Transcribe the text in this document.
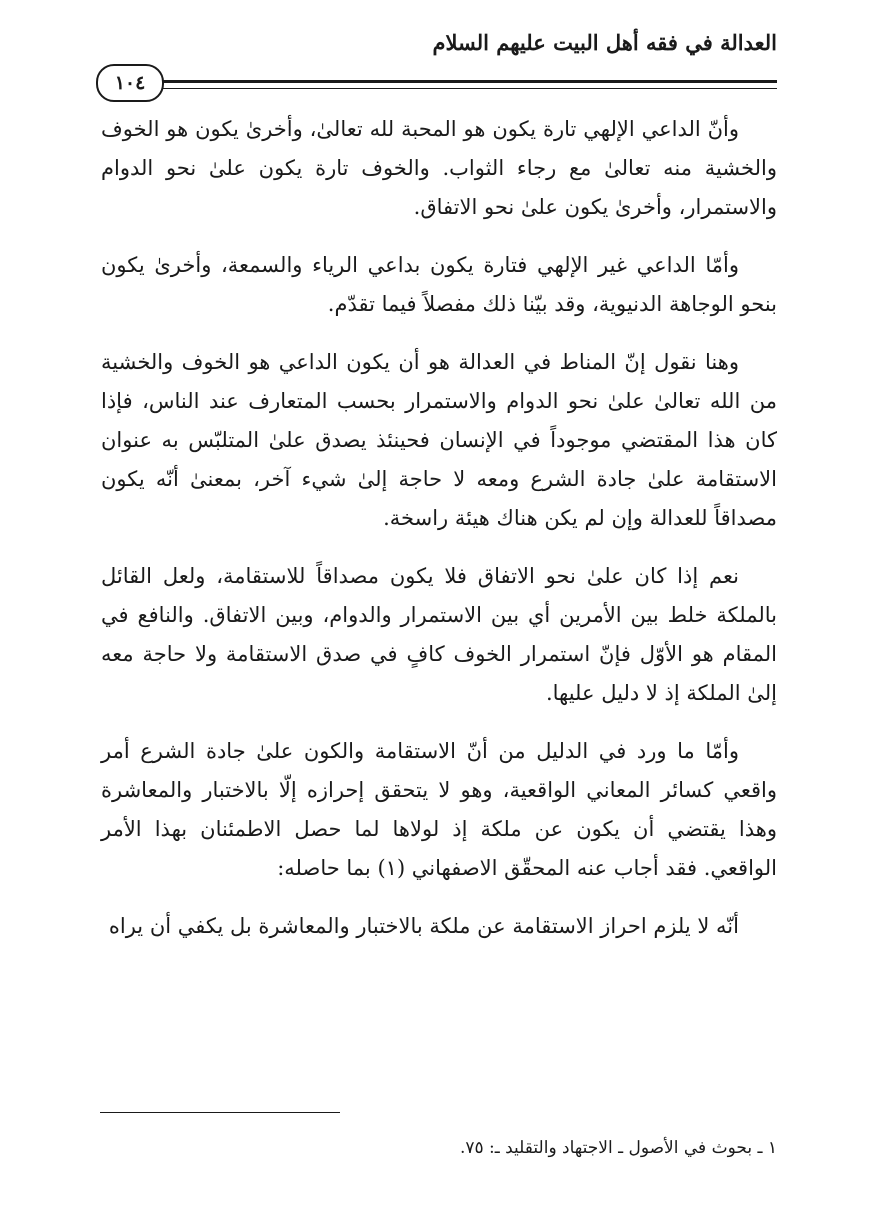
العدالة في فقه أهل البيت عليهم السلام
١٠٤

وأنّ الداعي الإلهي تارة يكون هو المحبة لله تعالىٰ، وأخرىٰ يكون هو الخوف والخشية منه تعالىٰ مع رجاء الثواب. والخوف تارة يكون علىٰ نحو الدوام والاستمرار، وأخرىٰ يكون علىٰ نحو الاتفاق.

وأمّا الداعي غير الإلهي فتارة يكون بداعي الرياء والسمعة، وأخرىٰ يكون بنحو الوجاهة الدنيوية، وقد بيّنا ذلك مفصلاً فيما تقدّم.

وهنا نقول إنّ المناط في العدالة هو أن يكون الداعي هو الخوف والخشية من الله تعالىٰ علىٰ نحو الدوام والاستمرار بحسب المتعارف عند الناس، فإذا كان هذا المقتضي موجوداً في الإنسان فحينئذ يصدق علىٰ المتلبّس به عنوان الاستقامة علىٰ جادة الشرع ومعه لا حاجة إلىٰ شيء آخر، بمعنىٰ أنّه يكون مصداقاً للعدالة وإن لم يكن هناك هيئة راسخة.

نعم إذا كان علىٰ نحو الاتفاق فلا يكون مصداقاً للاستقامة، ولعل القائل بالملكة خلط بين الأمرين أي بين الاستمرار والدوام، وبين الاتفاق. والنافع في المقام هو الأوّل فإنّ استمرار الخوف كافٍ في صدق الاستقامة ولا حاجة معه إلىٰ الملكة إذ لا دليل عليها.

وأمّا ما ورد في الدليل من أنّ الاستقامة والكون علىٰ جادة الشرع أمر واقعي كسائر المعاني الواقعية، وهو لا يتحقق إحرازه إلّا بالاختبار والمعاشرة وهذا يقتضي أن يكون عن ملكة إذ لولاها لما حصل الاطمئنان بهذا الأمر الواقعي. فقد أجاب عنه المحقّق الاصفهاني (١) بما حاصله:

أنّه لا يلزم احراز الاستقامة عن ملكة بالاختبار والمعاشرة بل يكفي أن يراه

١ ـ بحوث في الأصول ـ الاجتهاد والتقليد ـ: ٧٥.
